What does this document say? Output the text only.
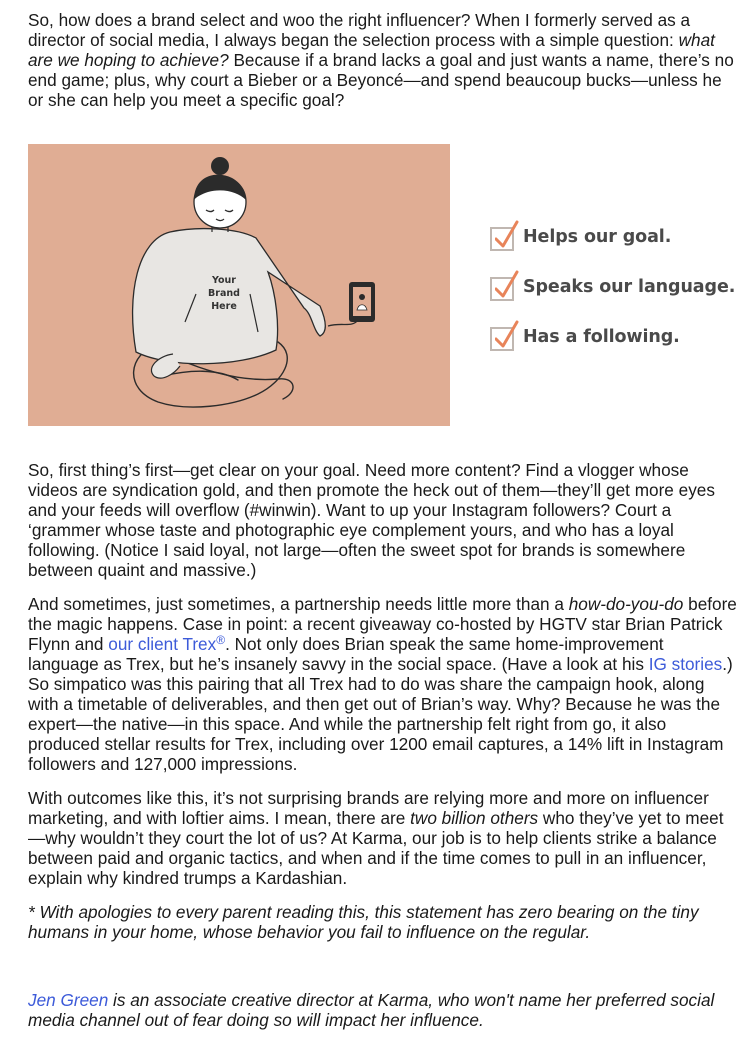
So, how does a brand select and woo the right influencer? When I formerly served as a director of social media, I always began the selection process with a simple question: what are we hoping to achieve? Because if a brand lacks a goal and just wants a name, there’s no end game; plus, why court a Bieber or a Beyoncé—and spend beaucoup bucks—unless he or she can help you meet a specific goal?

Your
Brand
Here
Helps our goal.
Speaks our language.
Has a following.

So, first thing’s first—get clear on your goal. Need more content? Find a vlogger whose videos are syndication gold, and then promote the heck out of them—they’ll get more eyes and your feeds will overflow (#winwin). Want to up your Instagram followers? Court a ‘grammer whose taste and photographic eye complement yours, and who has a loyal following. (Notice I said loyal, not large—often the sweet spot for brands is somewhere between quaint and massive.)

And sometimes, just sometimes, a partnership needs little more than a how-do-you-do before the magic happens. Case in point: a recent giveaway co-hosted by HGTV star Brian Patrick Flynn and our client Trex®. Not only does Brian speak the same home-improvement language as Trex, but he’s insanely savvy in the social space. (Have a look at his IG stories.) So simpatico was this pairing that all Trex had to do was share the campaign hook, along with a timetable of deliverables, and then get out of Brian’s way. Why? Because he was the expert—the native—in this space. And while the partnership felt right from go, it also produced stellar results for Trex, including over 1200 email captures, a 14% lift in Instagram followers and 127,000 impressions.

With outcomes like this, it’s not surprising brands are relying more and more on influencer marketing, and with loftier aims. I mean, there are two billion others who they’ve yet to meet—why wouldn’t they court the lot of us? At Karma, our job is to help clients strike a balance between paid and organic tactics, and when and if the time comes to pull in an influencer, explain why kindred trumps a Kardashian.

* With apologies to every parent reading this, this statement has zero bearing on the tiny humans in your home, whose behavior you fail to influence on the regular.

Jen Green is an associate creative director at Karma, who won't name her preferred social media channel out of fear doing so will impact her influence.
